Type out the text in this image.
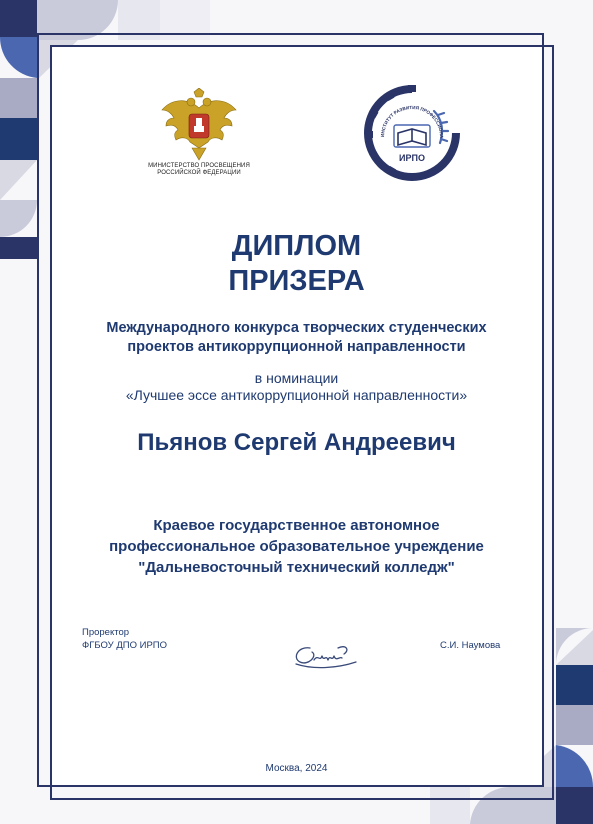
МИНИСТЕРСТВО ПРОСВЕЩЕНИЯ
РОССИЙСКОЙ ФЕДЕРАЦИИ
ИНСТИТУТ РАЗВИТИЯ ПРОФЕССИОНА
ИРПО
ДИПЛОМ
ПРИЗЕРА
Международного конкурса творческих студенческих
проектов антикоррупционной направленности
в номинации
«Лучшее эссе антикоррупционной направленности»
Пьянов Сергей Андреевич
Краевое государственное автономное
профессиональное образовательное учреждение
"Дальневосточный технический колледж"
Проректор
ФГБОУ ДПО ИРПО	С.И. Наумова
Москва, 2024
